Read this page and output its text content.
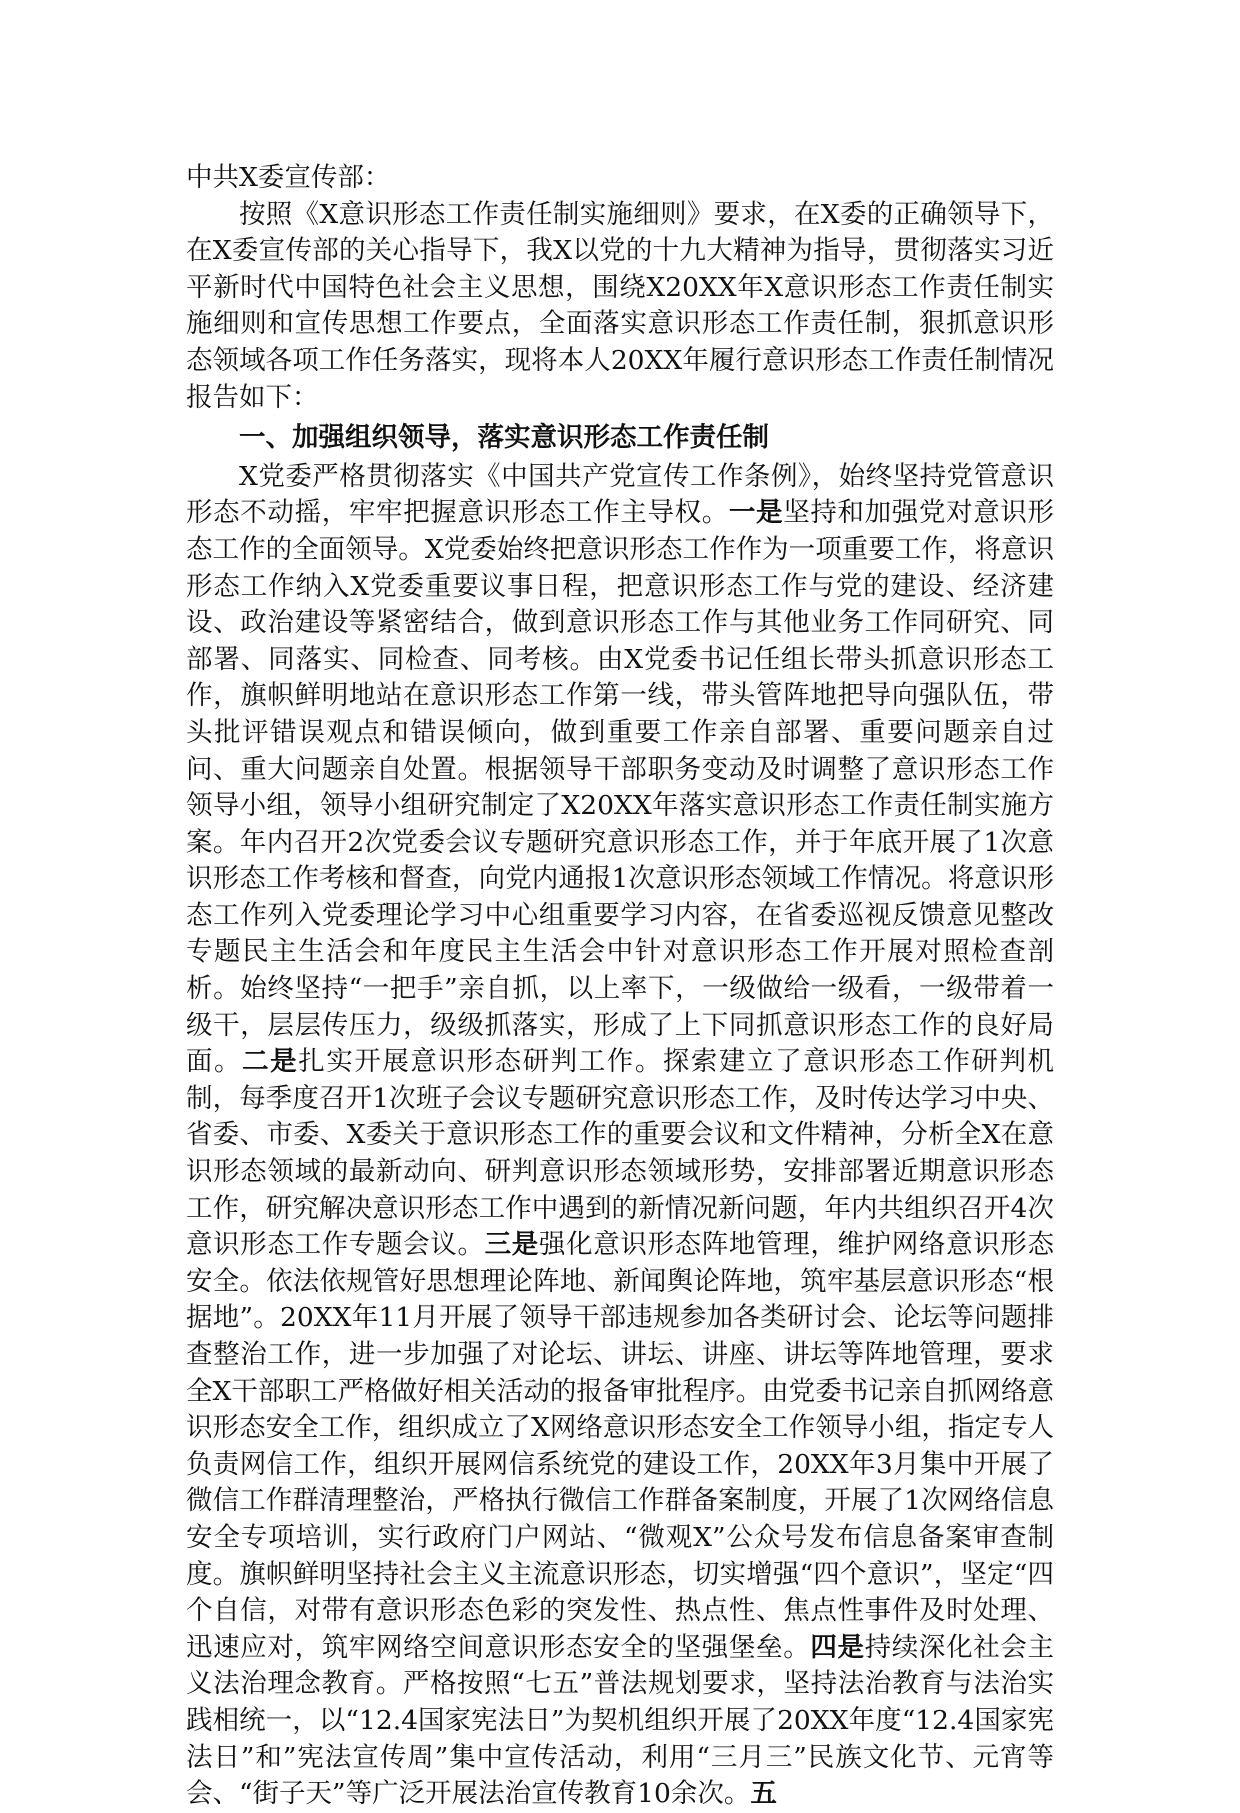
中共X委宣传部：

按照《X意识形态工作责任制实施细则》要求，在X委的正确领导下，在X委宣传部的关心指导下，我X以党的十九大精神为指导，贯彻落实习近平新时代中国特色社会主义思想，围绕X20XX年X意识形态工作责任制实施细则和宣传思想工作要点，全面落实意识形态工作责任制，狠抓意识形态领域各项工作任务落实，现将本人20XX年履行意识形态工作责任制情况报告如下：

一、加强组织领导，落实意识形态工作责任制

X党委严格贯彻落实《中国共产党宣传工作条例》，始终坚持党管意识形态不动摇，牢牢把握意识形态工作主导权。一是坚持和加强党对意识形态工作的全面领导。X党委始终把意识形态工作作为一项重要工作，将意识形态工作纳入X党委重要议事日程，把意识形态工作与党的建设、经济建设、政治建设等紧密结合，做到意识形态工作与其他业务工作同研究、同部署、同落实、同检查、同考核。由X党委书记任组长带头抓意识形态工作，旗帜鲜明地站在意识形态工作第一线，带头管阵地把导向强队伍，带头批评错误观点和错误倾向，做到重要工作亲自部署、重要问题亲自过问、重大问题亲自处置。根据领导干部职务变动及时调整了意识形态工作领导小组，领导小组研究制定了X20XX年落实意识形态工作责任制实施方案。年内召开2次党委会议专题研究意识形态工作，并于年底开展了1次意识形态工作考核和督查，向党内通报1次意识形态领域工作情况。将意识形态工作列入党委理论学习中心组重要学习内容，在省委巡视反馈意见整改专题民主生活会和年度民主生活会中针对意识形态工作开展对照检查剖析。始终坚持“一把手”亲自抓，以上率下，一级做给一级看，一级带着一级干，层层传压力，级级抓落实，形成了上下同抓意识形态工作的良好局面。二是扎实开展意识形态研判工作。探索建立了意识形态工作研判机制，每季度召开1次班子会议专题研究意识形态工作，及时传达学习中央、省委、市委、X委关于意识形态工作的重要会议和文件精神，分析全X在意识形态领域的最新动向、研判意识形态领域形势，安排部署近期意识形态工作，研究解决意识形态工作中遇到的新情况新问题，年内共组织召开4次意识形态工作专题会议。三是强化意识形态阵地管理，维护网络意识形态安全。依法依规管好思想理论阵地、新闻舆论阵地，筑牢基层意识形态“根据地”。20XX年11月开展了领导干部违规参加各类研讨会、论坛等问题排查整治工作，进一步加强了对论坛、讲坛、讲座、讲坛等阵地管理，要求全X干部职工严格做好相关活动的报备审批程序。由党委书记亲自抓网络意识形态安全工作，组织成立了X网络意识形态安全工作领导小组，指定专人负责网信工作，组织开展网信系统党的建设工作，20XX年3月集中开展了微信工作群清理整治，严格执行微信工作群备案制度，开展了1次网络信息安全专项培训，实行政府门户网站、“微观X”公众号发布信息备案审查制度。旗帜鲜明坚持社会主义主流意识形态，切实增强“四个意识”，坚定“四个自信，对带有意识形态色彩的突发性、热点性、焦点性事件及时处理、迅速应对，筑牢网络空间意识形态安全的坚强堡垒。四是持续深化社会主义法治理念教育。严格按照“七五”普法规划要求，坚持法治教育与法治实践相统一，以“12.4国家宪法日”为契机组织开展了20XX年度“12.4国家宪法日”和”宪法宣传周”集中宣传活动，利用“三月三”民族文化节、元宵等会、“街子天”等广泛开展法治宣传教育10余次。五
